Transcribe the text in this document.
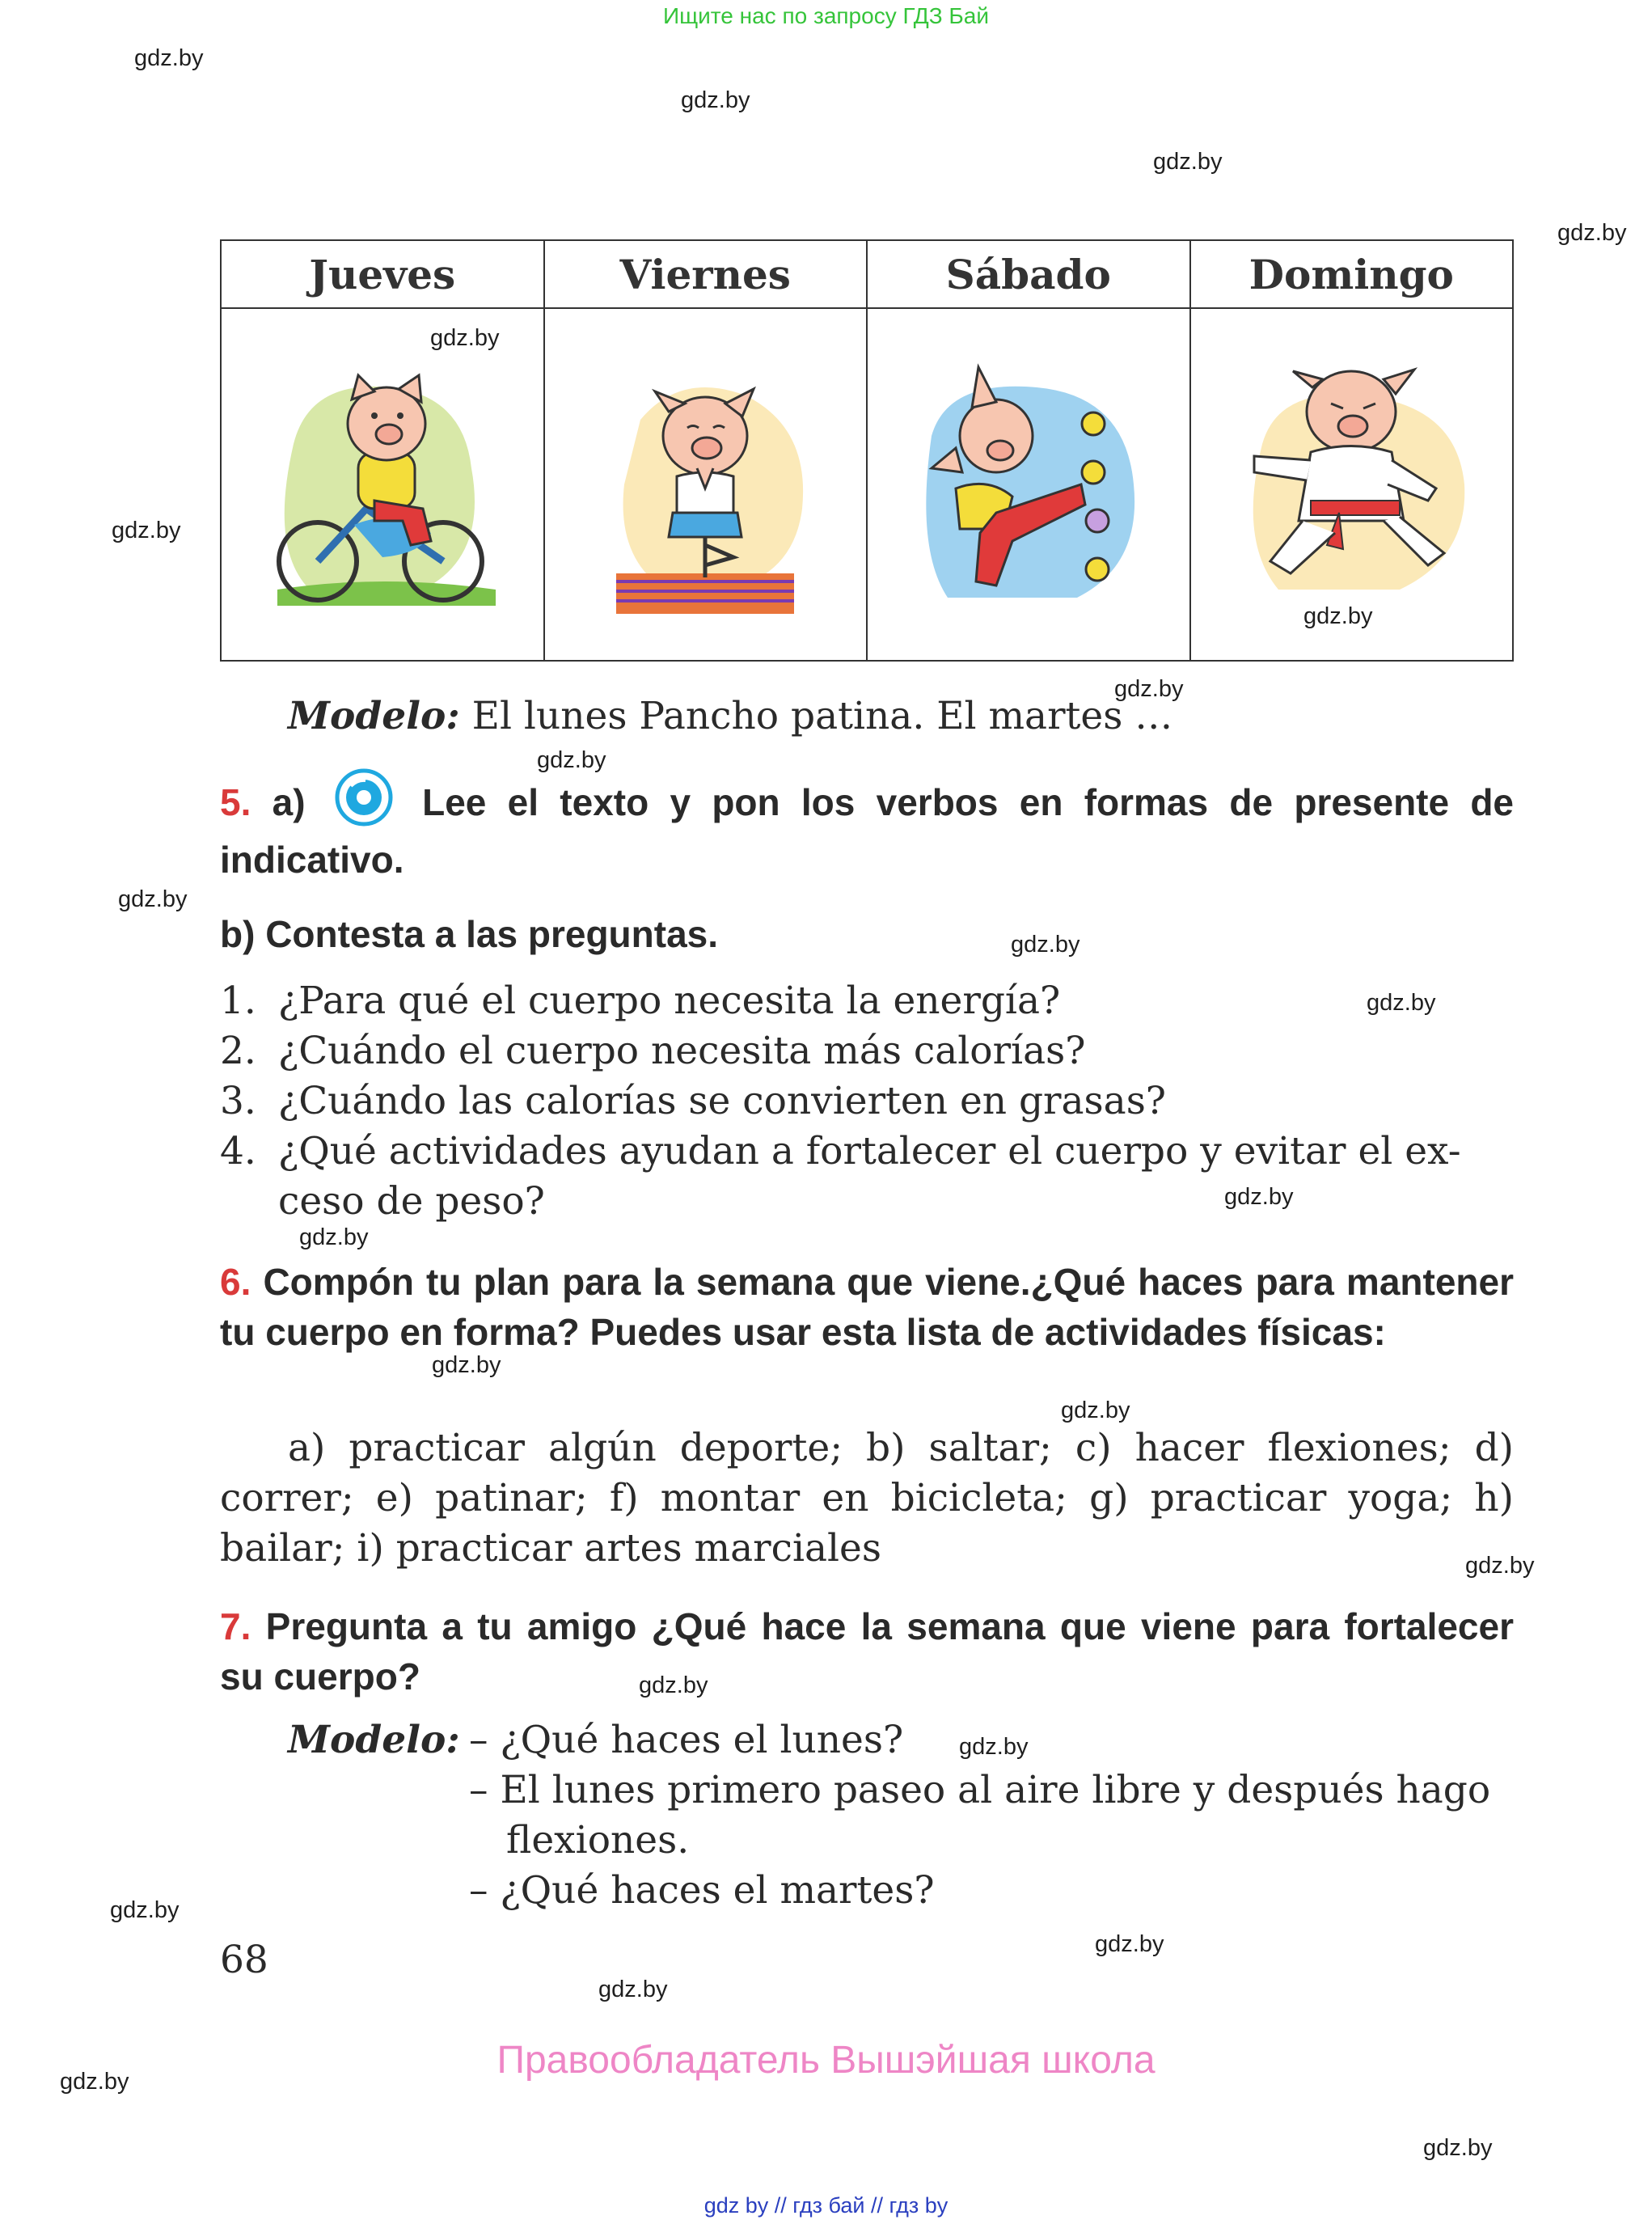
Ищите нас по запросу ГДЗ Бай
gdz.by
gdz.by
gdz.by
gdz.by
gdz.by
gdz.by
gdz.by
gdz.by
gdz.by
Jueves	Viernes	Sábado	Domingo

gdz.by
gdz.by
Modelo: El lunes Pancho patina. El martes …
gdz.by
gdz.by
5. a)	Lee el texto y pon los verbos en formas de presente de indicativo.
b) Contesta a las preguntas.	gdz.by
gdz.by
1. ¿Para qué el cuerpo necesita la energía?
2. ¿Cuándo el cuerpo necesita más calorías?
3. ¿Cuándo las calorías se convierten en grasas?
4. ¿Qué actividades ayudan a fortalecer el cuerpo y evitar el ex-
ceso de peso?	gdz.by
gdz.by
6. Compón tu plan para la semana que viene.¿Qué haces para mantener tu cuerpo en forma? Puedes usar esta lista de actividades físicas:
gdz.by
gdz.by
a) practicar algún deporte; b) saltar; c) hacer flexiones; d) correr; e) patinar; f) montar en bicicleta; g) practicar yoga; h) bailar; i) practicar artes marciales	gdz.by
7. Pregunta a tu amigo ¿Qué hace la semana que viene para fortalecer su cuerpo?	gdz.by
Modelo: – ¿Qué haces el lunes?
– El lunes primero paseo al aire libre y después hago
flexiones.
– ¿Qué haces el martes?
gdz.by
68	gdz.by
gdz.by
Правообладатель Вышэйшая школа
gdz by // гдз бай // гдз by
